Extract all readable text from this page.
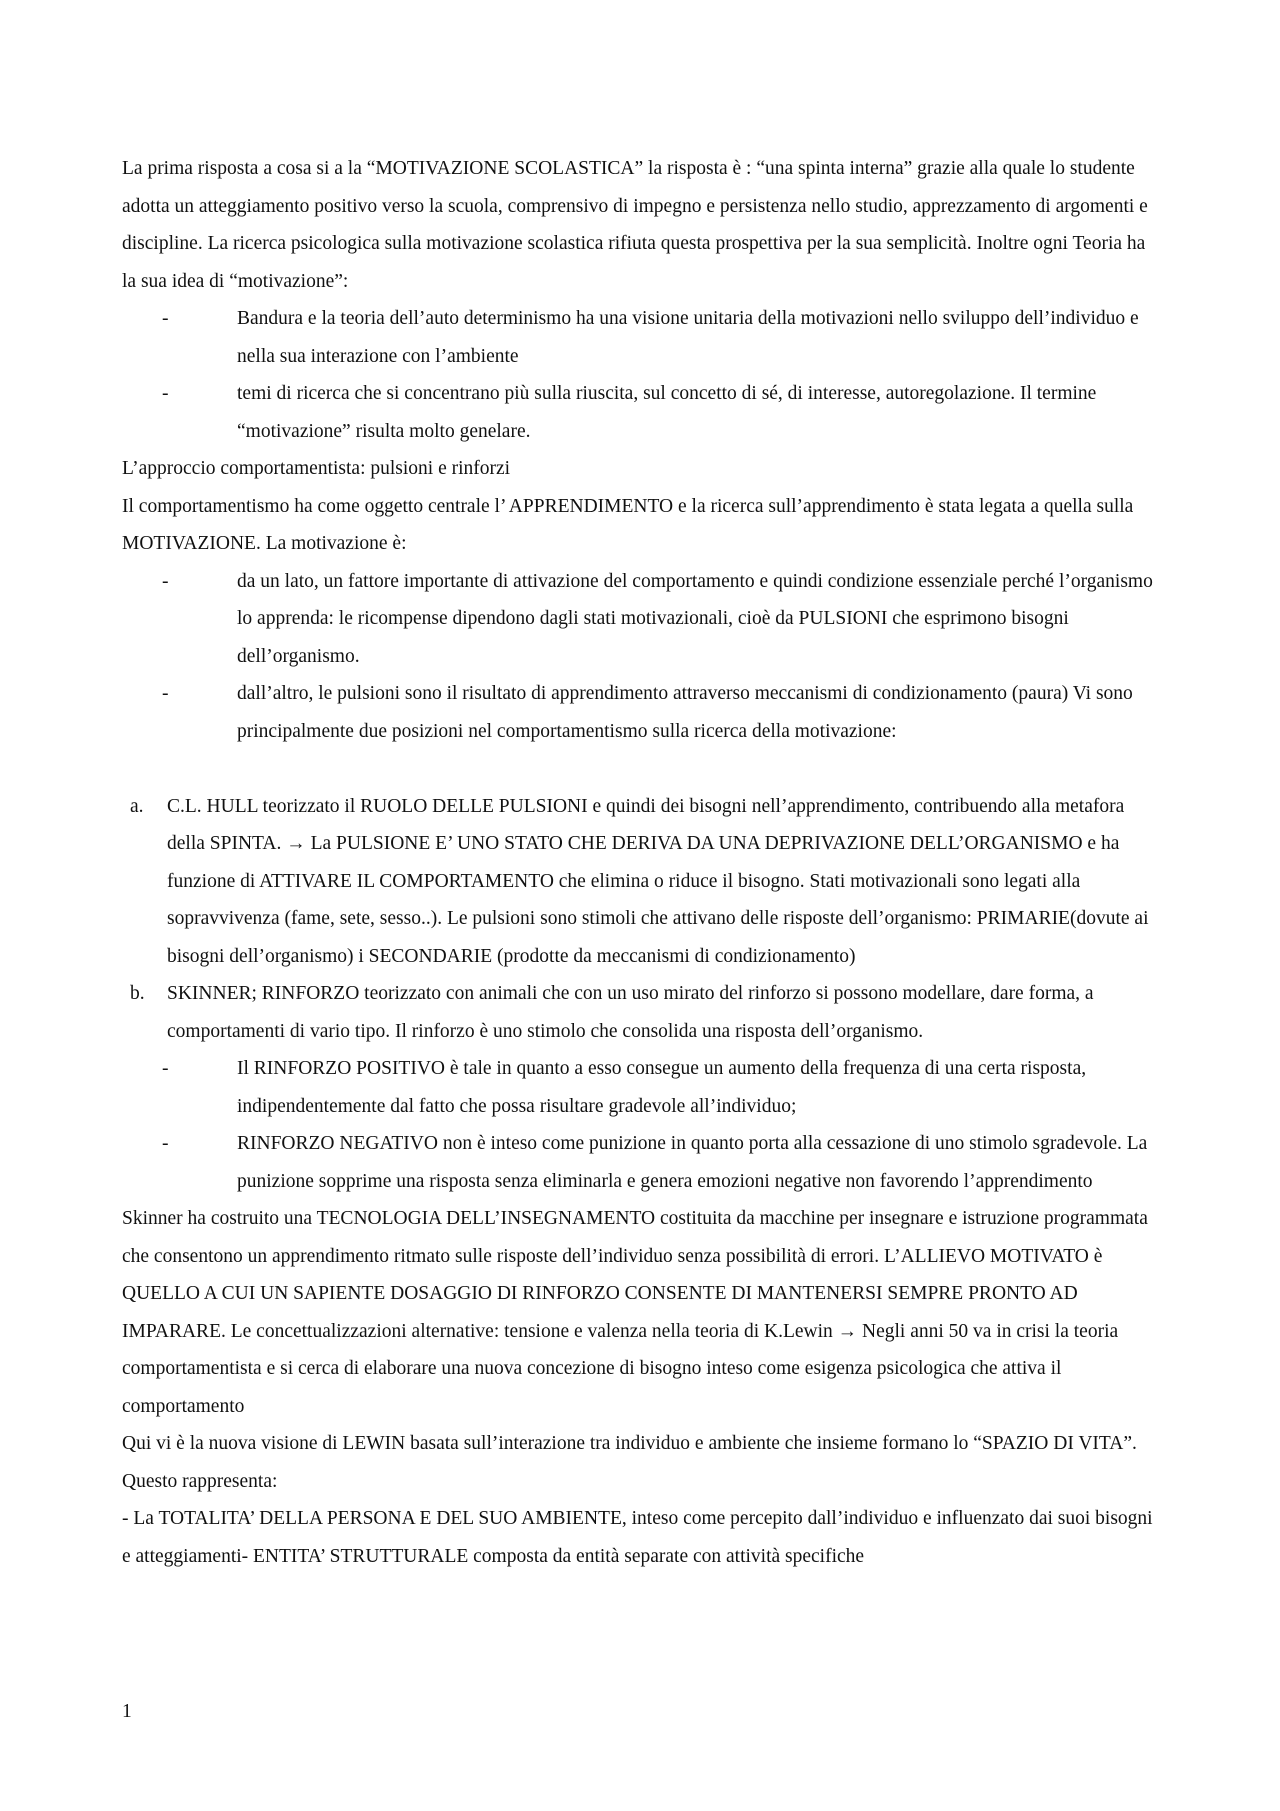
La prima risposta a cosa si a la “MOTIVAZIONE SCOLASTICA” la risposta è : “una spinta interna” grazie alla quale lo studente adotta un atteggiamento positivo verso la scuola, comprensivo di impegno e persistenza nello studio, apprezzamento di argomenti e discipline. La ricerca psicologica sulla motivazione scolastica rifiuta questa prospettiva per la sua semplicità. Inoltre ogni Teoria ha la sua idea di “motivazione”:

- Bandura e la teoria dell’auto determinismo ha una visione unitaria della motivazioni nello sviluppo dell’individuo e nella sua interazione con l’ambiente

- temi di ricerca che si concentrano più sulla riuscita, sul concetto di sé, di interesse, autoregolazione. Il termine “motivazione” risulta molto genelare.

L’approccio comportamentista: pulsioni e rinforzi

Il comportamentismo ha come oggetto centrale l’ APPRENDIMENTO e la ricerca sull’apprendimento è stata legata a quella sulla MOTIVAZIONE. La motivazione è:

- da un lato, un fattore importante di attivazione del comportamento e quindi condizione essenziale perché l’organismo lo apprenda: le ricompense dipendono dagli stati motivazionali, cioè da PULSIONI che esprimono bisogni dell’organismo.

- dall’altro, le pulsioni sono il risultato di apprendimento attraverso meccanismi di condizionamento (paura) Vi sono principalmente due posizioni nel comportamentismo sulla ricerca della motivazione:

a. C.L. HULL teorizzato il RUOLO DELLE PULSIONI e quindi dei bisogni nell’apprendimento, contribuendo alla metafora della SPINTA. → La PULSIONE E’ UNO STATO CHE DERIVA DA UNA DEPRIVAZIONE DELL’ORGANISMO e ha funzione di ATTIVARE IL COMPORTAMENTO che elimina o riduce il bisogno. Stati motivazionali sono legati alla sopravvivenza (fame, sete, sesso..). Le pulsioni sono stimoli che attivano delle risposte dell’organismo: PRIMARIE(dovute ai bisogni dell’organismo) i SECONDARIE (prodotte da meccanismi di condizionamento)
b. SKINNER; RINFORZO teorizzato con animali che con un uso mirato del rinforzo si possono modellare, dare forma, a comportamenti di vario tipo. Il rinforzo è uno stimolo che consolida una risposta dell’organismo.

- Il RINFORZO POSITIVO è tale in quanto a esso consegue un aumento della frequenza di una certa risposta, indipendentemente dal fatto che possa risultare gradevole all’individuo;

- RINFORZO NEGATIVO non è inteso come punizione in quanto porta alla cessazione di uno stimolo sgradevole. La punizione sopprime una risposta senza eliminarla e genera emozioni negative non favorendo l’apprendimento

Skinner ha costruito una TECNOLOGIA DELL’INSEGNAMENTO costituita da macchine per insegnare e istruzione programmata che consentono un apprendimento ritmato sulle risposte dell’individuo senza possibilità di errori. L’ALLIEVO MOTIVATO è QUELLO A CUI UN SAPIENTE DOSAGGIO DI RINFORZO CONSENTE DI MANTENERSI SEMPRE PRONTO AD IMPARARE. Le concettualizzazioni alternative: tensione e valenza nella teoria di K.Lewin → Negli anni 50 va in crisi la teoria comportamentista e si cerca di elaborare una nuova concezione di bisogno inteso come esigenza psicologica che attiva il comportamento

Qui vi è la nuova visione di LEWIN basata sull’interazione tra individuo e ambiente che insieme formano lo “SPAZIO DI VITA”. Questo rappresenta:

- La TOTALITA’ DELLA PERSONA E DEL SUO AMBIENTE, inteso come percepito dall’individuo e influenzato dai suoi bisogni e atteggiamenti- ENTITA’ STRUTTURALE composta da entità separate con attività specifiche

1
